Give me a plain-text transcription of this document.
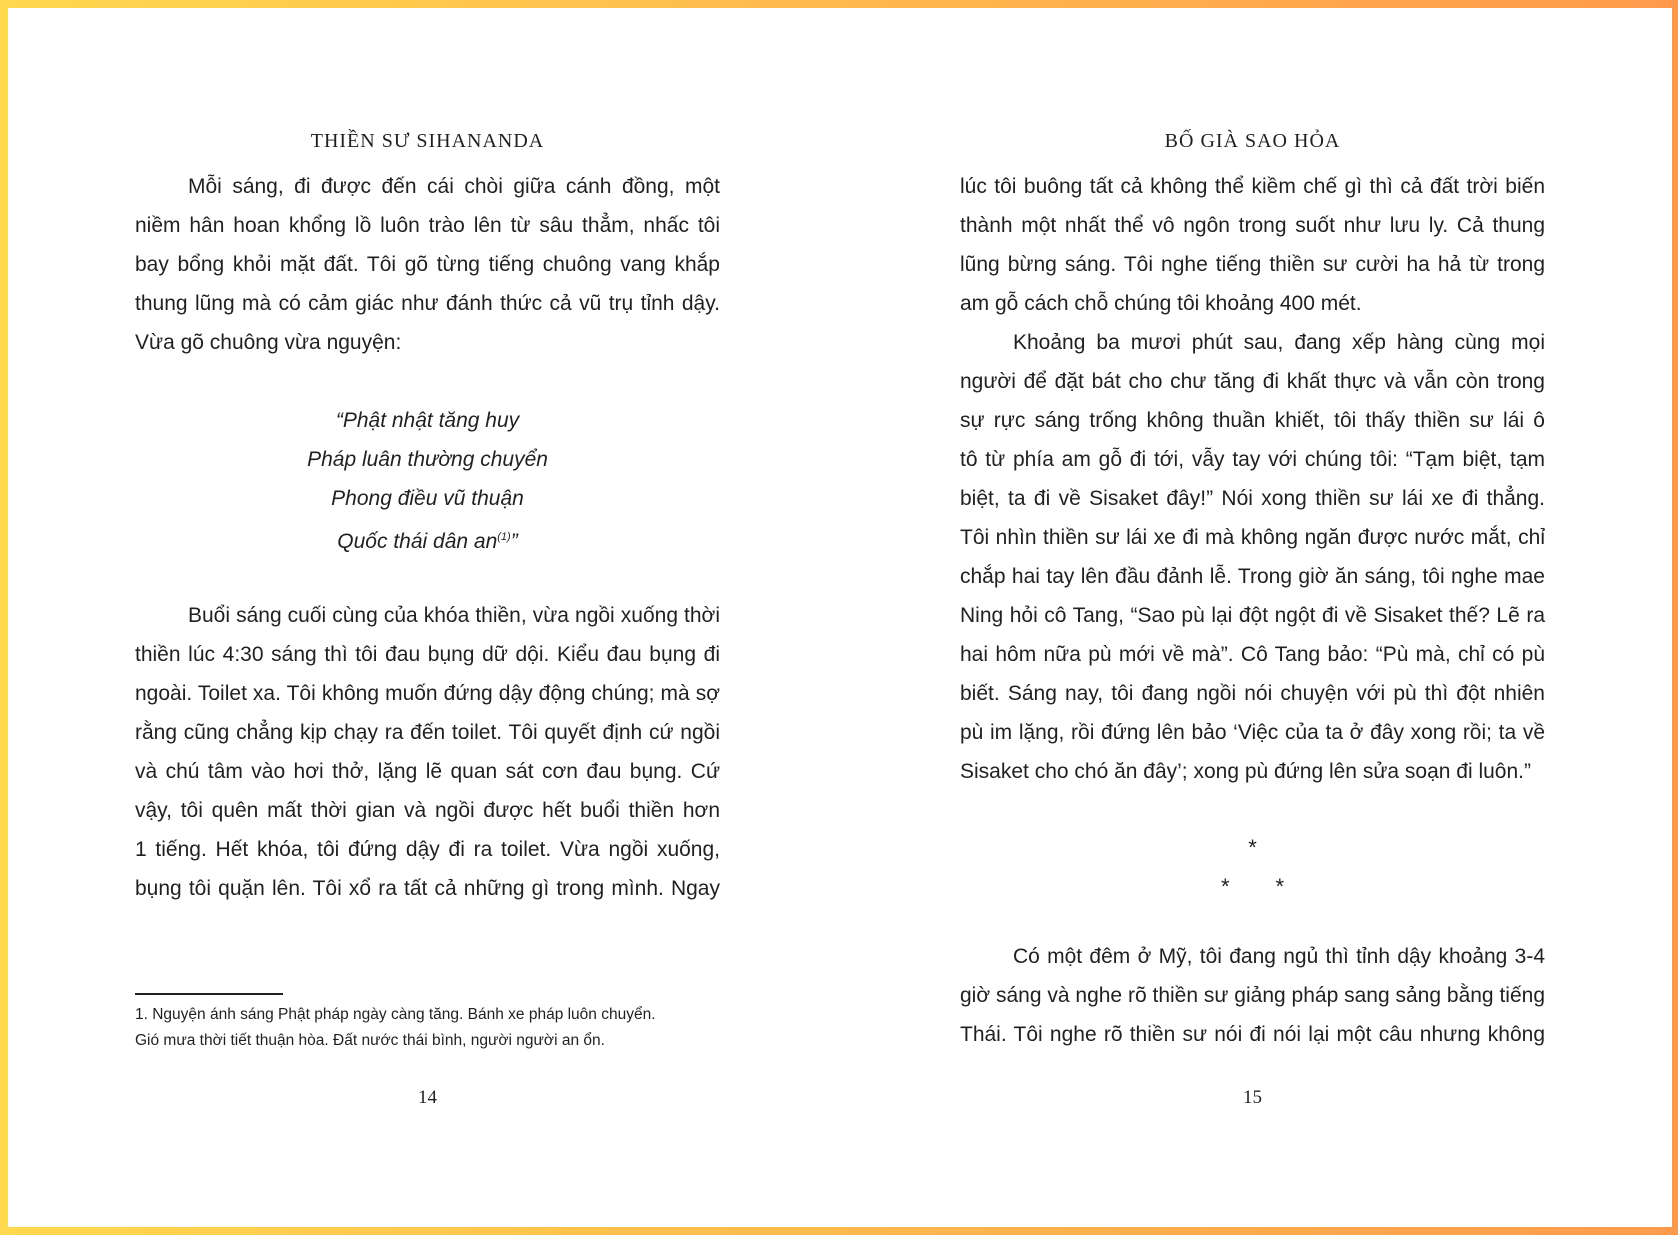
THIỀN SƯ SIHANANDA
Mỗi sáng, đi được đến cái chòi giữa cánh đồng, một
niềm hân hoan khổng lồ luôn trào lên từ sâu thẳm, nhấc tôi
bay bổng khỏi mặt đất. Tôi gõ từng tiếng chuông vang khắp
thung lũng mà có cảm giác như đánh thức cả vũ trụ tỉnh dậy.
Vừa gõ chuông vừa nguyện:
“Phật nhật tăng huy
Pháp luân thường chuyển
Phong điều vũ thuận
Quốc thái dân $an^{(1)}$”
Buổi sáng cuối cùng của khóa thiền, vừa ngồi xuống thời
thiền lúc 4:30 sáng thì tôi đau bụng dữ dội. Kiểu đau bụng đi
ngoài. Toilet xa. Tôi không muốn đứng dậy động chúng; mà sợ
rằng cũng chẳng kịp chạy ra đến toilet. Tôi quyết định cứ ngồi
và chú tâm vào hơi thở, lặng lẽ quan sát cơn đau bụng. Cứ
vậy, tôi quên mất thời gian và ngồi được hết buổi thiền hơn
1 tiếng. Hết khóa, tôi đứng dậy đi ra toilet. Vừa ngồi xuống,
bụng tôi quặn lên. Tôi xổ ra tất cả những gì trong mình. Ngay
1. Nguyện ánh sáng Phật pháp ngày càng tăng. Bánh xe pháp luôn chuyển.
Gió mưa thời tiết thuận hòa. Đất nước thái bình, người người an ổn.
14
BỐ GIÀ SAO HỎA
lúc tôi buông tất cả không thể kiềm chế gì thì cả đất trời biến
thành một nhất thể vô ngôn trong suốt như lưu ly. Cả thung
lũng bừng sáng. Tôi nghe tiếng thiền sư cười ha hả từ trong
am gỗ cách chỗ chúng tôi khoảng 400 mét.
Khoảng ba mươi phút sau, đang xếp hàng cùng mọi
người để đặt bát cho chư tăng đi khất thực và vẫn còn trong
sự rực sáng trống không thuần khiết, tôi thấy thiền sư lái ô
tô từ phía am gỗ đi tới, vẫy tay với chúng tôi: “Tạm biệt, tạm
biệt, ta đi về Sisaket đây!” Nói xong thiền sư lái xe đi thẳng.
Tôi nhìn thiền sư lái xe đi mà không ngăn được nước mắt, chỉ
chắp hai tay lên đầu đảnh lễ. Trong giờ ăn sáng, tôi nghe mae
Ning hỏi cô Tang, “Sao pù lại đột ngột đi về Sisaket thế? Lẽ ra
hai hôm nữa pù mới về mà”. Cô Tang bảo: “Pù mà, chỉ có pù
biết. Sáng nay, tôi đang ngồi nói chuyện với pù thì đột nhiên
pù im lặng, rồi đứng lên bảo ‘Việc của ta ở đây xong rồi; ta về
Sisaket cho chó ăn đây’; xong pù đứng lên sửa soạn đi luôn.”
*
* *
Có một đêm ở Mỹ, tôi đang ngủ thì tỉnh dậy khoảng 3-4
giờ sáng và nghe rõ thiền sư giảng pháp sang sảng bằng tiếng
Thái. Tôi nghe rõ thiền sư nói đi nói lại một câu nhưng không
15
